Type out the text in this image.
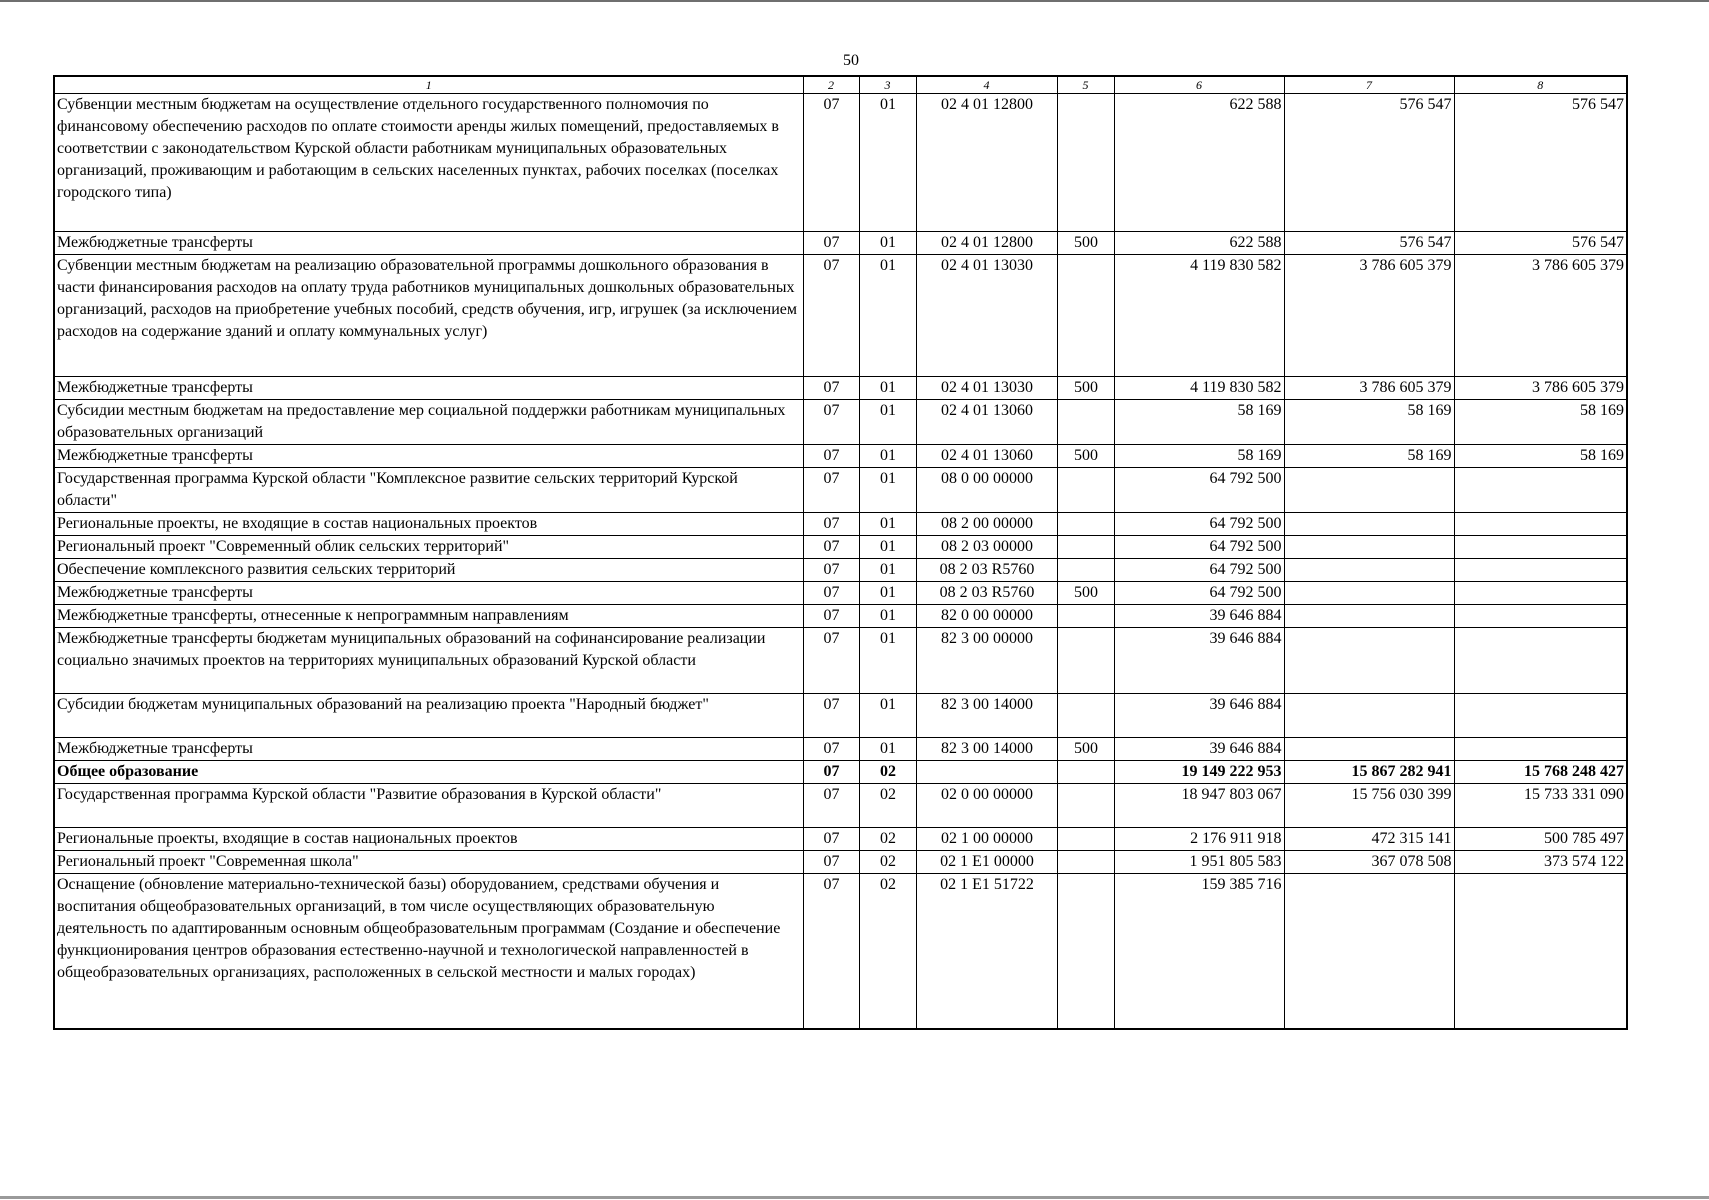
50
1	2	3	4	5	6	7	8
Субвенции местным бюджетам на осуществление отдельного государственного полномочия по финансовому обеспечению расходов по оплате стоимости аренды жилых помещений, предоставляемых в соответствии с законодательством Курской области работникам муниципальных образовательных организаций, проживающим и работающим в сельских населенных пунктах, рабочих поселках (поселках городского типа)	07	01	02 4 01 12800		622 588	576 547	576 547
Межбюджетные трансферты	07	01	02 4 01 12800	500	622 588	576 547	576 547
Субвенции местным бюджетам на реализацию образовательной программы дошкольного образования в части финансирования расходов на оплату труда работников муниципальных дошкольных образовательных организаций, расходов на приобретение учебных пособий, средств обучения, игр, игрушек (за исключением расходов на содержание зданий и оплату коммунальных услуг)	07	01	02 4 01 13030		4 119 830 582	3 786 605 379	3 786 605 379
Межбюджетные трансферты	07	01	02 4 01 13030	500	4 119 830 582	3 786 605 379	3 786 605 379
Субсидии местным бюджетам на предоставление мер социальной поддержки работникам муниципальных образовательных организаций	07	01	02 4 01 13060		58 169	58 169	58 169
Межбюджетные трансферты	07	01	02 4 01 13060	500	58 169	58 169	58 169
Государственная программа Курской области "Комплексное развитие сельских территорий Курской области"	07	01	08 0 00 00000		64 792 500		
Региональные проекты, не входящие в состав национальных проектов	07	01	08 2 00 00000		64 792 500		
Региональный проект "Современный облик сельских территорий"	07	01	08 2 03 00000		64 792 500		
Обеспечение комплексного развития сельских территорий	07	01	08 2 03 R5760		64 792 500		
Межбюджетные трансферты	07	01	08 2 03 R5760	500	64 792 500		
Межбюджетные трансферты, отнесенные к непрограммным направлениям	07	01	82 0 00 00000		39 646 884		
Межбюджетные трансферты бюджетам муниципальных образований на софинансирование реализации социально значимых проектов на территориях муниципальных образований Курской области	07	01	82 3 00 00000		39 646 884		
Субсидии бюджетам муниципальных образований на реализацию проекта "Народный бюджет"	07	01	82 3 00 14000		39 646 884		
Межбюджетные трансферты	07	01	82 3 00 14000	500	39 646 884		
Общее образование	07	02			19 149 222 953	15 867 282 941	15 768 248 427
Государственная программа Курской области "Развитие образования в Курской области"	07	02	02 0 00 00000		18 947 803 067	15 756 030 399	15 733 331 090
Региональные проекты, входящие в состав национальных проектов	07	02	02 1 00 00000		2 176 911 918	472 315 141	500 785 497
Региональный проект "Современная школа"	07	02	02 1 E1 00000		1 951 805 583	367 078 508	373 574 122
Оснащение (обновление материально-технической базы) оборудованием, средствами обучения и воспитания общеобразовательных организаций, в том числе осуществляющих образовательную деятельность по адаптированным основным общеобразовательным программам (Создание и обеспечение функционирования центров образования естественно-научной и технологической направленностей в общеобразовательных организациях, расположенных в сельской местности и малых городах)	07	02	02 1 E1 51722		159 385 716		
